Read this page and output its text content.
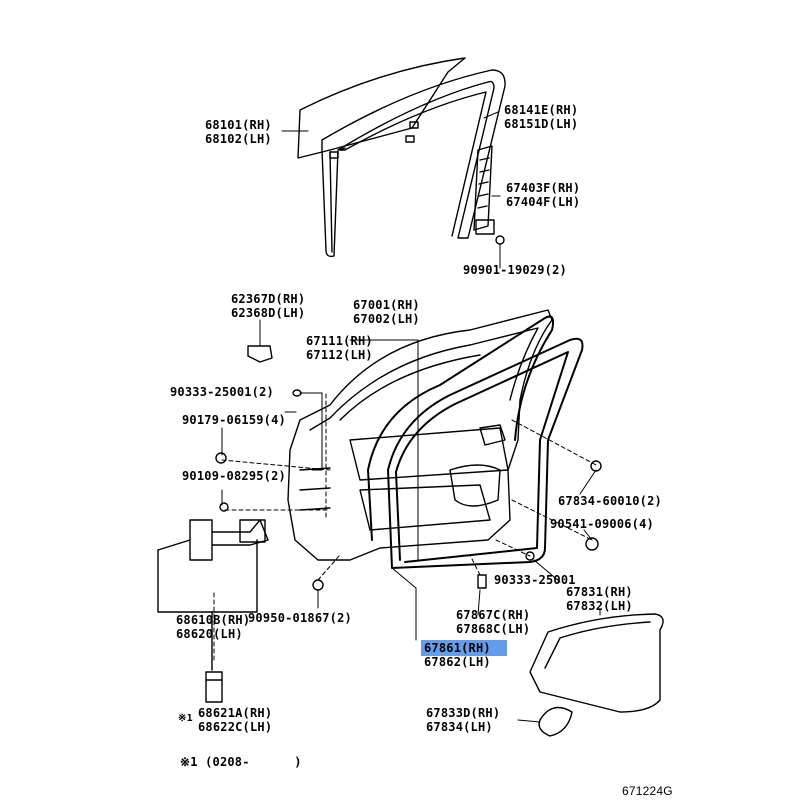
68101(RH)
68102(LH)
68141E(RH)
68151D(LH)
67403F(RH)
67404F(LH)
90901-19029(2)
62367D(RH)
62368D(LH)
67001(RH)
67002(LH)
67111(RH)
67112(LH)
90333-25001(2)
90179-06159(4)
90109-08295(2)
67834-60010(2)
90541-09006(4)
90333-25001
90950-01867(2)
68610B(RH)
68620(LH)
67867C(RH)
67868C(LH)
67831(RH)
67832(LH)
67861(RH)
67862(LH)
67833D(RH)
67834(LH)
※1 68621A(RH)
68622C(LH)
※1 (0208-      )
671224G
